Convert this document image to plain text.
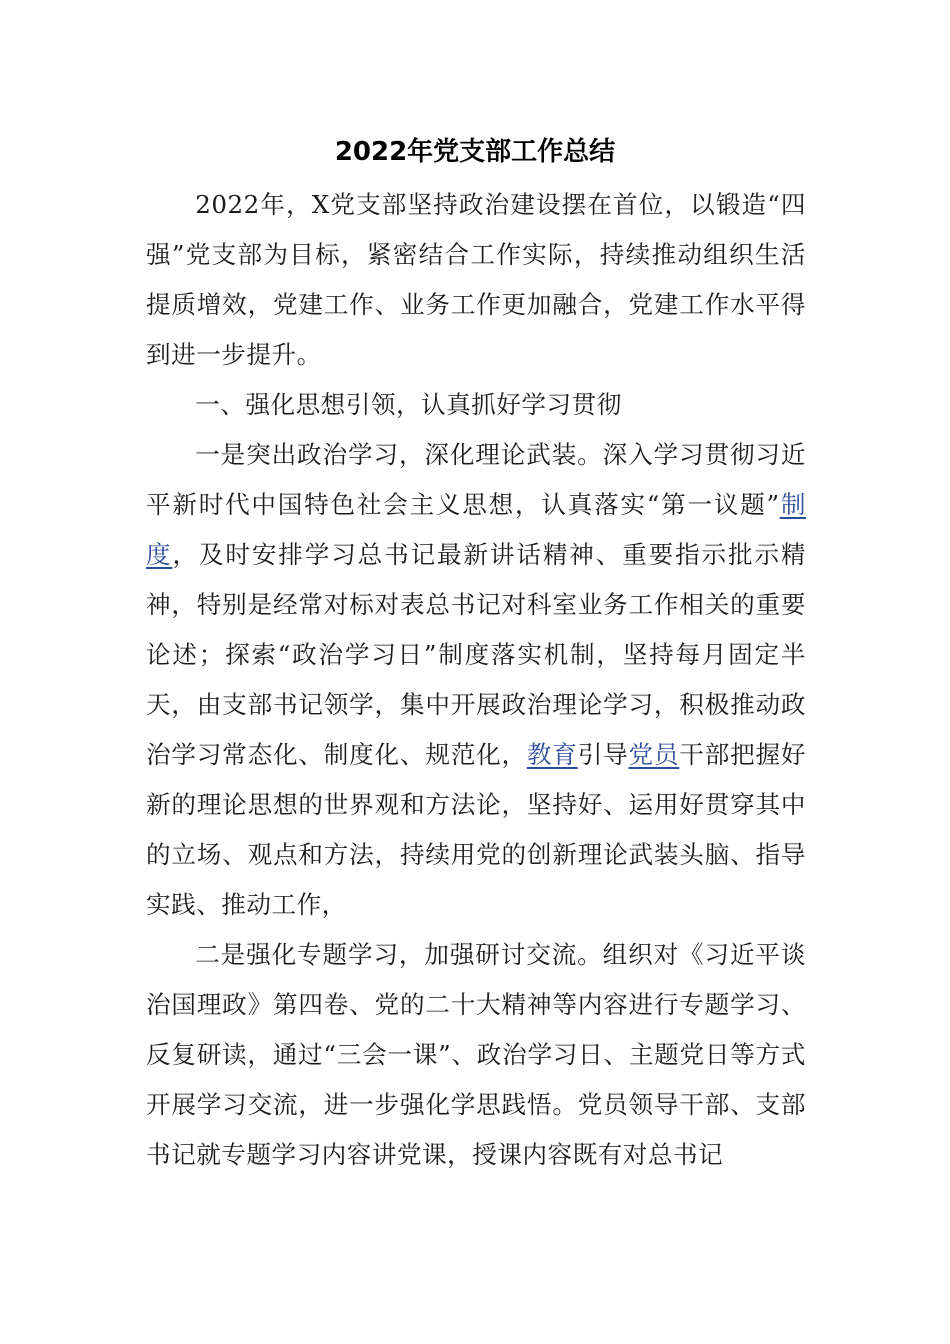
2022年党支部工作总结

2022年，X党支部坚持政治建设摆在首位，以锻造“四强”党支部为目标，紧密结合工作实际，持续推动组织生活提质增效，党建工作、业务工作更加融合，党建工作水平得到进一步提升。

一、强化思想引领，认真抓好学习贯彻

一是突出政治学习，深化理论武装。深入学习贯彻习近平新时代中国特色社会主义思想，认真落实“第一议题”制度，及时安排学习总书记最新讲话精神、重要指示批示精神，特别是经常对标对表总书记对科室业务工作相关的重要论述；探索“政治学习日”制度落实机制，坚持每月固定半天，由支部书记领学，集中开展政治理论学习，积极推动政治学习常态化、制度化、规范化，教育引导党员干部把握好新的理论思想的世界观和方法论，坚持好、运用好贯穿其中的立场、观点和方法，持续用党的创新理论武装头脑、指导实践、推动工作，

二是强化专题学习，加强研讨交流。组织对《习近平谈治国理政》第四卷、党的二十大精神等内容进行专题学习、反复研读，通过“三会一课”、政治学习日、主题党日等方式开展学习交流，进一步强化学思践悟。党员领导干部、支部书记就专题学习内容讲党课，授课内容既有对总书记
